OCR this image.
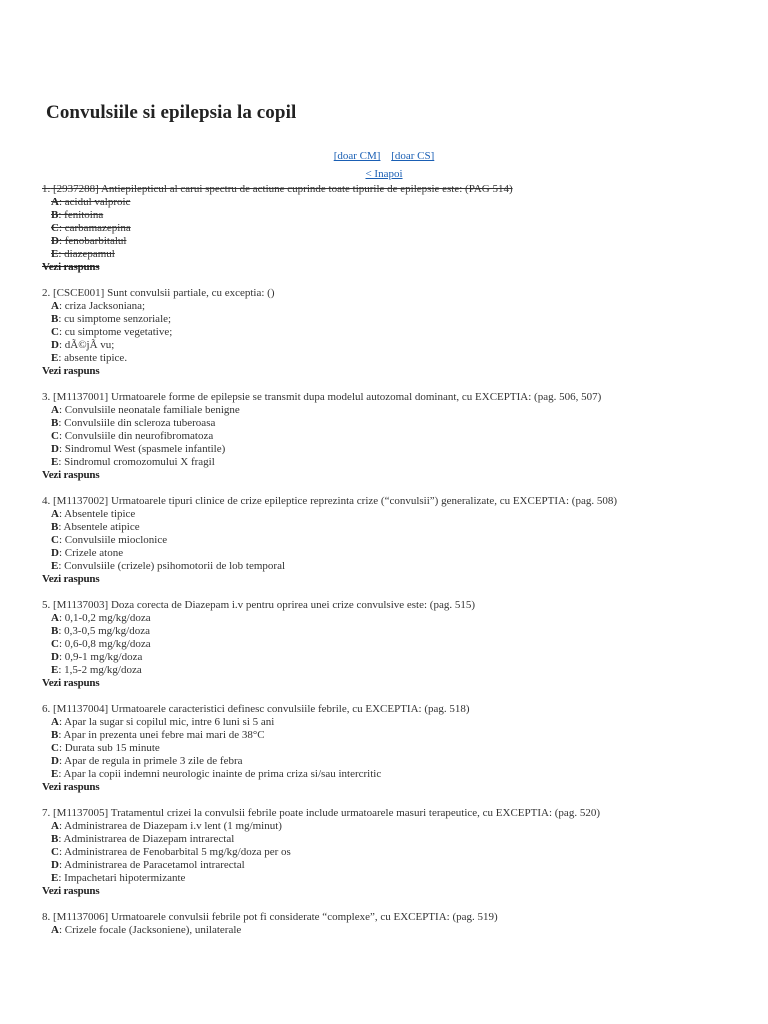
Convulsiile si epilepsia la copil
[doar CM] [doar CS]
< Inapoi
1. [2937288] Antiepilepticul al carui spectru de actiune cuprinde toate tipurile de epilepsie este: (PAG 514)
A: acidul valproic
B: fenitoina
C: carbamazepina
D: fenobarbitalul
E: diazepamul
Vezi raspuns
2. [CSCE001] Sunt convulsii partiale, cu exceptia: ()
A: criza Jacksoniana;
B: cu simptome senzoriale;
C: cu simptome vegetative;
D: dÃ©jÃ vu;
E: absente tipice.
Vezi raspuns
3. [M1137001] Urmatoarele forme de epilepsie se transmit dupa modelul autozomal dominant, cu EXCEPTIA: (pag. 506, 507)
A: Convulsiile neonatale familiale benigne
B: Convulsiile din scleroza tuberoasa
C: Convulsiile din neurofibromatoza
D: Sindromul West (spasmele infantile)
E: Sindromul cromozomului X fragil
Vezi raspuns
4. [M1137002] Urmatoarele tipuri clinice de crize epileptice reprezinta crize (“convulsii”) generalizate, cu EXCEPTIA: (pag. 508)
A: Absentele tipice
B: Absentele atipice
C: Convulsiile mioclonice
D: Crizele atone
E: Convulsiile (crizele) psihomotorii de lob temporal
Vezi raspuns
5. [M1137003] Doza corecta de Diazepam i.v pentru oprirea unei crize convulsive este: (pag. 515)
A: 0,1-0,2 mg/kg/doza
B: 0,3-0,5 mg/kg/doza
C: 0,6-0,8 mg/kg/doza
D: 0,9-1 mg/kg/doza
E: 1,5-2 mg/kg/doza
Vezi raspuns
6. [M1137004] Urmatoarele caracteristici definesc convulsiile febrile, cu EXCEPTIA: (pag. 518)
A: Apar la sugar si copilul mic, intre 6 luni si 5 ani
B: Apar in prezenta unei febre mai mari de 38°C
C: Durata sub 15 minute
D: Apar de regula in primele 3 zile de febra
E: Apar la copii indemni neurologic inainte de prima criza si/sau intercritic
Vezi raspuns
7. [M1137005] Tratamentul crizei la convulsii febrile poate include urmatoarele masuri terapeutice, cu EXCEPTIA: (pag. 520)
A: Administrarea de Diazepam i.v lent (1 mg/minut)
B: Administrarea de Diazepam intrarectal
C: Administrarea de Fenobarbital 5 mg/kg/doza per os
D: Administrarea de Paracetamol intrarectal
E: Impachetari hipotermizante
Vezi raspuns
8. [M1137006] Urmatoarele convulsii febrile pot fi considerate “complexe”, cu EXCEPTIA: (pag. 519)
A: Crizele focale (Jacksoniene), unilaterale
